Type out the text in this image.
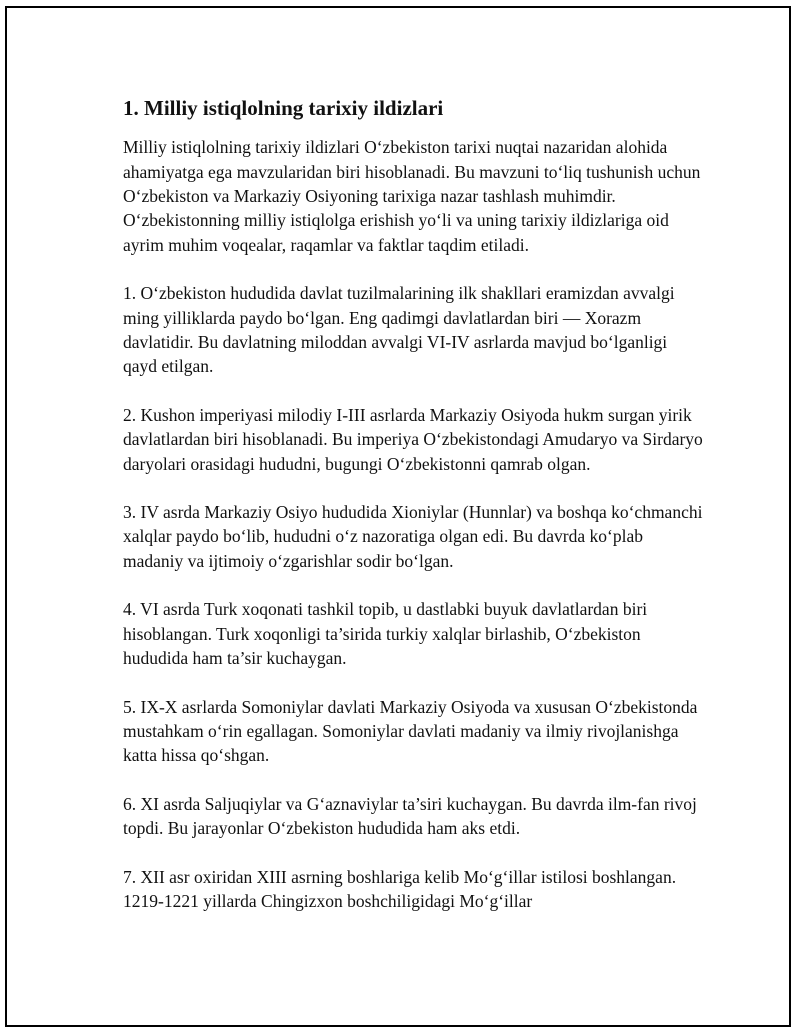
1. Milliy istiqlolning tarixiy ildizlari

Milliy istiqlolning tarixiy ildizlari O‘zbekiston tarixi nuqtai nazaridan alohida ahamiyatga ega mavzularidan biri hisoblanadi. Bu mavzuni to‘liq tushunish uchun O‘zbekiston va Markaziy Osiyoning tarixiga nazar tashlash muhimdir. O‘zbekistonning milliy istiqlolga erishish yo‘li va uning tarixiy ildizlariga oid ayrim muhim voqealar, raqamlar va faktlar taqdim etiladi.

1. O‘zbekiston hududida davlat tuzilmalarining ilk shakllari eramizdan avvalgi ming yilliklarda paydo bo‘lgan. Eng qadimgi davlatlardan biri — Xorazm davlatidir. Bu davlatning miloddan avvalgi VI-IV asrlarda mavjud bo‘lganligi qayd etilgan.

2. Kushon imperiyasi milodiy I-III asrlarda Markaziy Osiyoda hukm surgan yirik davlatlardan biri hisoblanadi. Bu imperiya O‘zbekistondagi Amudaryo va Sirdaryo daryolari orasidagi hududni, bugungi O‘zbekistonni qamrab olgan.

3. IV asrda Markaziy Osiyo hududida Xioniylar (Hunnlar) va boshqa ko‘chmanchi xalqlar paydo bo‘lib, hududni o‘z nazoratiga olgan edi. Bu davrda ko‘plab madaniy va ijtimoiy o‘zgarishlar sodir bo‘lgan.

4. VI asrda Turk xoqonati tashkil topib, u dastlabki buyuk davlatlardan biri hisoblangan. Turk xoqonligi ta’sirida turkiy xalqlar birlashib, O‘zbekiston hududida ham ta’sir kuchaygan.

5. IX-X asrlarda Somoniylar davlati Markaziy Osiyoda va xususan O‘zbekistonda mustahkam o‘rin egallagan. Somoniylar davlati madaniy va ilmiy rivojlanishga katta hissa qo‘shgan.

6. XI asrda Saljuqiylar va G‘aznaviylar ta’siri kuchaygan. Bu davrda ilm-fan rivoj topdi. Bu jarayonlar O‘zbekiston hududida ham aks etdi.

7. XII asr oxiridan XIII asrning boshlariga kelib Mo‘g‘illar istilosi boshlangan. 1219-1221 yillarda Chingizxon boshchiligidagi Mo‘g‘illar
